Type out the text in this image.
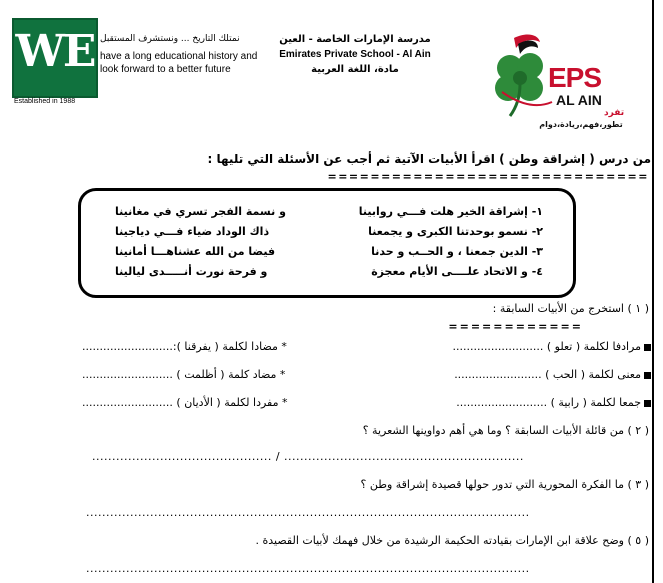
WE
Established in 1988
نمتلك التاريخ ... ونستشرف المستقبل
have a long educational history and
look forward to a better future
مدرسة الإمارات الخاصة - العين
Emirates Private School - Al Ain
مادة، اللغة العربية	EPS
AL AIN
تفرد
تطور،فهم،ريادة،دوام
من درس ( إشراقة وطن ) اقرأ الأبيات الآتية ثم أجب عن الأسئلة التي تليها :
==============================
١- إشراقة الخير هلت فـــي روابينا
٢- نسمو بوحدتنا الكبرى و يجمعنا
٣- الدين جمعنا ، و الحــب و حدنا
٤- و الاتحاد علــــى الأيام معجزة
و نسمة الفجر تسري في مغانينا
ذاك الوداد ضياء فـــي دياجينا
فيضا من الله عشناهـــا أمانينا
و فرحة نورت أنـــــدى ليالينا
( ١ ) استخرج من الأبيات السابقة :
============
مرادفا لكلمة ( تعلو ) ..........................
معنى لكلمة ( الحب ) .........................
جمعا لكلمة ( رابية ) ..........................
* مضادا لكلمة ( يفرقنا ):..........................
* مضاد كلمة ( أظلمت ) ..........................
* مفردا لكلمة ( الأديان ) ..........................
( ٢ ) من قائلة الأبيات السابقة ؟ وما هي أهم دواوينها الشعرية ؟
............................................. / ............................................................
( ٣ ) ما الفكرة المحورية التي تدور حولها قصيدة إشراقة وطن ؟
...............................................................................................................
( ٥ ) وضح علاقة ابن الإمارات بقيادته الحكيمة الرشيدة من خلال فهمك لأبيات القصيدة .
...............................................................................................................
